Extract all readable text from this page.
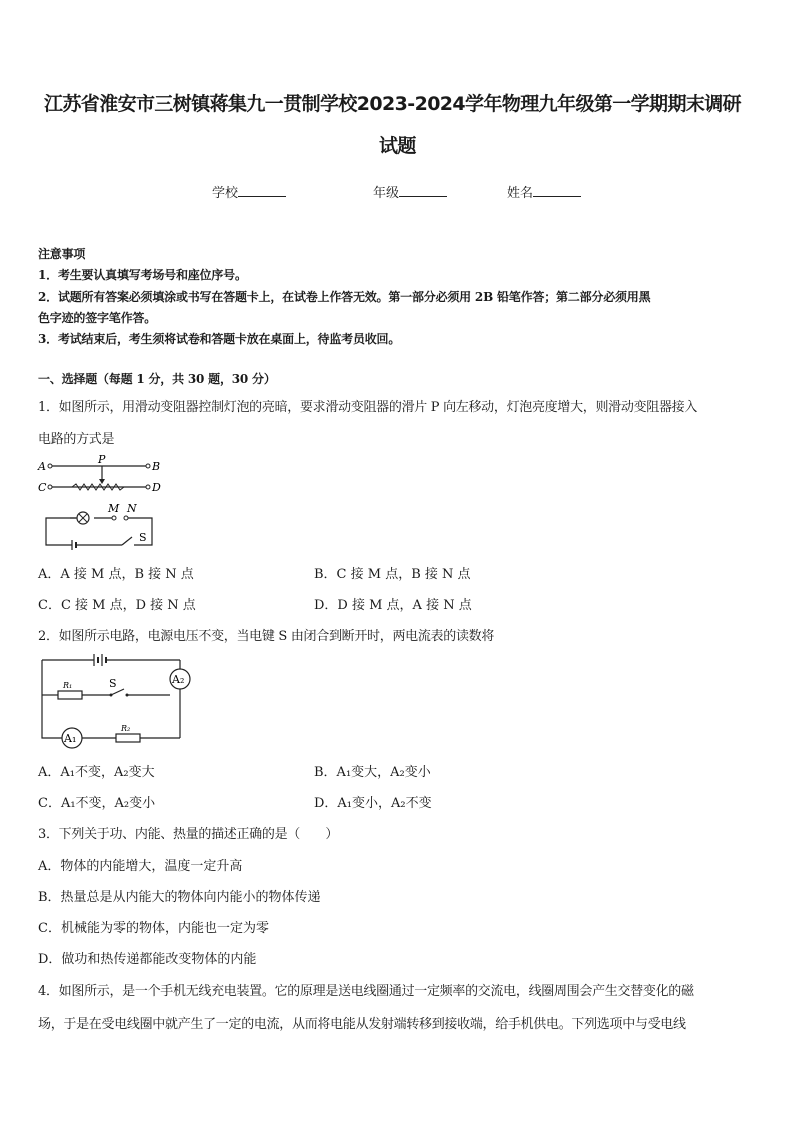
江苏省淮安市三树镇蒋集九一贯制学校2023-2024学年物理九年级第一学期期末调研
试题
学校	年级	姓名
注意事项
1．考生要认真填写考场号和座位序号。
2．试题所有答案必须填涂或书写在答题卡上，在试卷上作答无效。第一部分必须用 2B 铅笔作答；第二部分必须用黑
色字迹的签字笔作答。
3．考试结束后，考生须将试卷和答题卡放在桌面上，待监考员收回。
一、选择题（每题 1 分，共 30 题，30 分）
1．如图所示，用滑动变阻器控制灯泡的亮暗，要求滑动变阻器的滑片 P 向左移动，灯泡亮度增大，则滑动变阻器接入
电路的方式是
A	B
P
C	D
M N
S
A．A 接 M 点，B 接 N 点	B．C 接 M 点，B 接 N 点
C．C 接 M 点，D 接 N 点	D．D 接 M 点，A 接 N 点
2．如图所示电路，电源电压不变，当电键 S 由闭合到断开时，两电流表的读数将
A₂
R₁	S
A₁
R₂
A．A₁不变，A₂变大	B．A₁变大，A₂变小
C．A₁不变，A₂变小	D．A₁变小，A₂不变
3．下列关于功、内能、热量的描述正确的是（　　）
A．物体的内能增大，温度一定升高
B．热量总是从内能大的物体向内能小的物体传递
C．机械能为零的物体，内能也一定为零
D．做功和热传递都能改变物体的内能
4．如图所示，是一个手机无线充电装置。它的原理是送电线圈通过一定频率的交流电，线圈周围会产生交替变化的磁
场，于是在受电线圈中就产生了一定的电流，从而将电能从发射端转移到接收端，给手机供电。下列选项中与受电线
